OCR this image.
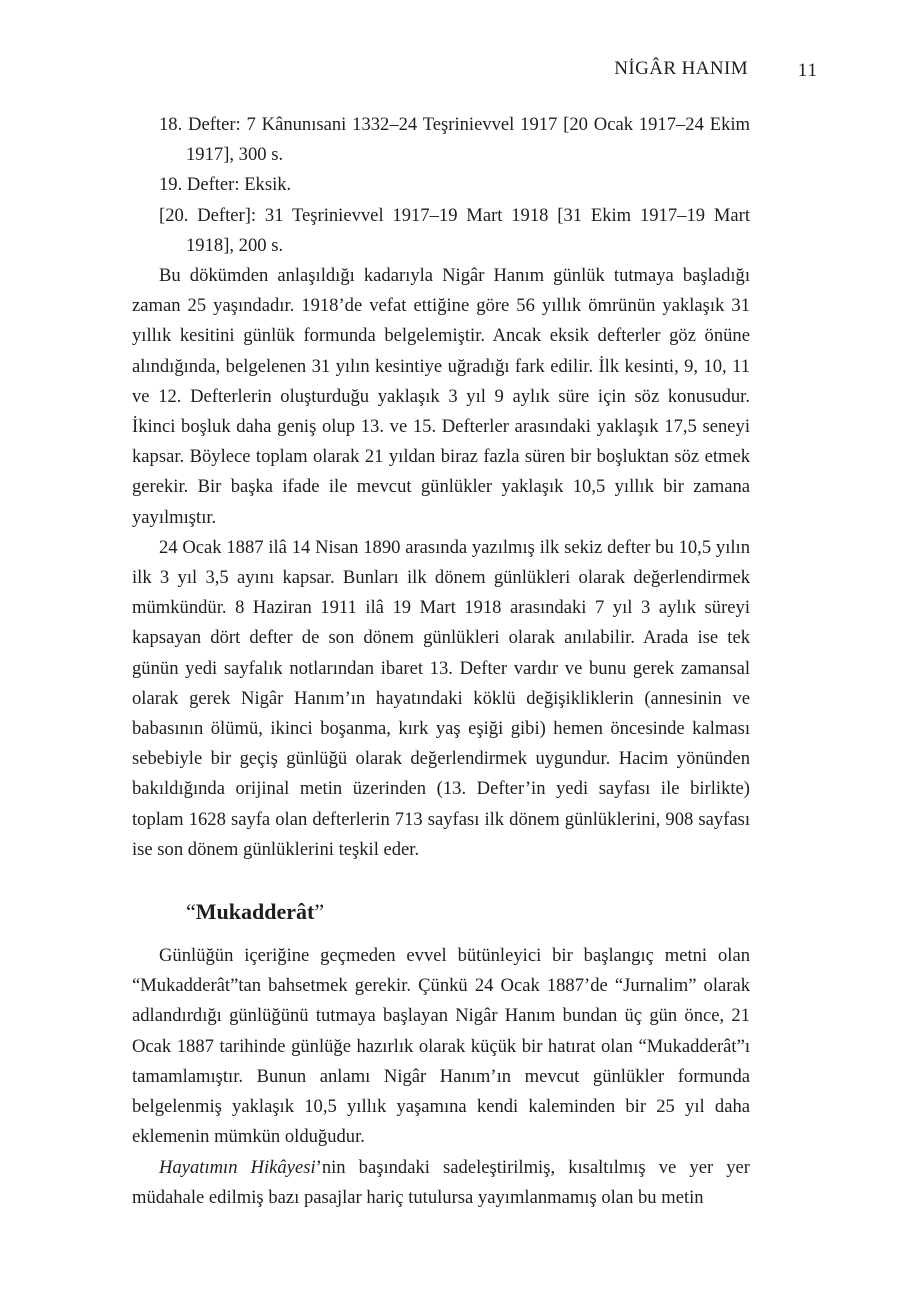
NİGÂR HANIM	11
18. Defter: 7 Kânunısani 1332–24 Teşrinievvel 1917 [20 Ocak 1917–24 Ekim 1917], 300 s.
19. Defter: Eksik.
[20. Defter]: 31 Teşrinievvel 1917–19 Mart 1918 [31 Ekim 1917–19 Mart 1918], 200 s.

Bu dökümden anlaşıldığı kadarıyla Nigâr Hanım günlük tutmaya başladığı zaman 25 yaşındadır. 1918’de vefat ettiğine göre 56 yıllık ömrünün yaklaşık 31 yıllık kesitini günlük formunda belgelemiştir. Ancak eksik defterler göz önüne alındığında, belgelenen 31 yılın kesintiye uğradığı fark edilir. İlk kesinti, 9, 10, 11 ve 12. Defterlerin oluşturduğu yaklaşık 3 yıl 9 aylık süre için söz konusudur. İkinci boşluk daha geniş olup 13. ve 15. Defterler arasındaki yaklaşık 17,5 seneyi kapsar. Böylece toplam olarak 21 yıldan biraz fazla süren bir boşluktan söz etmek gerekir. Bir başka ifade ile mevcut günlükler yaklaşık 10,5 yıllık bir zamana yayılmıştır.

24 Ocak 1887 ilâ 14 Nisan 1890 arasında yazılmış ilk sekiz defter bu 10,5 yılın ilk 3 yıl 3,5 ayını kapsar. Bunları ilk dönem günlükleri olarak değerlendirmek mümkündür. 8 Haziran 1911 ilâ 19 Mart 1918 arasındaki 7 yıl 3 aylık süreyi kapsayan dört defter de son dönem günlükleri olarak anılabilir. Arada ise tek günün yedi sayfalık notlarından ibaret 13. Defter vardır ve bunu gerek zamansal olarak gerek Nigâr Hanım’ın hayatındaki köklü değişikliklerin (annesinin ve babasının ölümü, ikinci boşanma, kırk yaş eşiği gibi) hemen öncesinde kalması sebebiyle bir geçiş günlüğü olarak değerlendirmek uygundur. Hacim yönünden bakıldığında orijinal metin üzerinden (13. Defter’in yedi sayfası ile birlikte) toplam 1628 sayfa olan defterlerin 713 sayfası ilk dönem günlüklerini, 908 sayfası ise son dönem günlüklerini teşkil eder.

“Mukadderât”

Günlüğün içeriğine geçmeden evvel bütünleyici bir başlangıç metni olan “Mukadderât”tan bahsetmek gerekir. Çünkü 24 Ocak 1887’de “Jurnalim” olarak adlandırdığı günlüğünü tutmaya başlayan Nigâr Hanım bundan üç gün önce, 21 Ocak 1887 tarihinde günlüğe hazırlık olarak küçük bir hatırat olan “Mukadderât”ı tamamlamıştır. Bunun anlamı Nigâr Hanım’ın mevcut günlükler formunda belgelenmiş yaklaşık 10,5 yıllık yaşamına kendi kaleminden bir 25 yıl daha eklemenin mümkün olduğudur.

Hayatımın Hikâyesi’nin başındaki sadeleştirilmiş, kısaltılmış ve yer yer müdahale edilmiş bazı pasajlar hariç tutulursa yayımlanmamış olan bu metin
